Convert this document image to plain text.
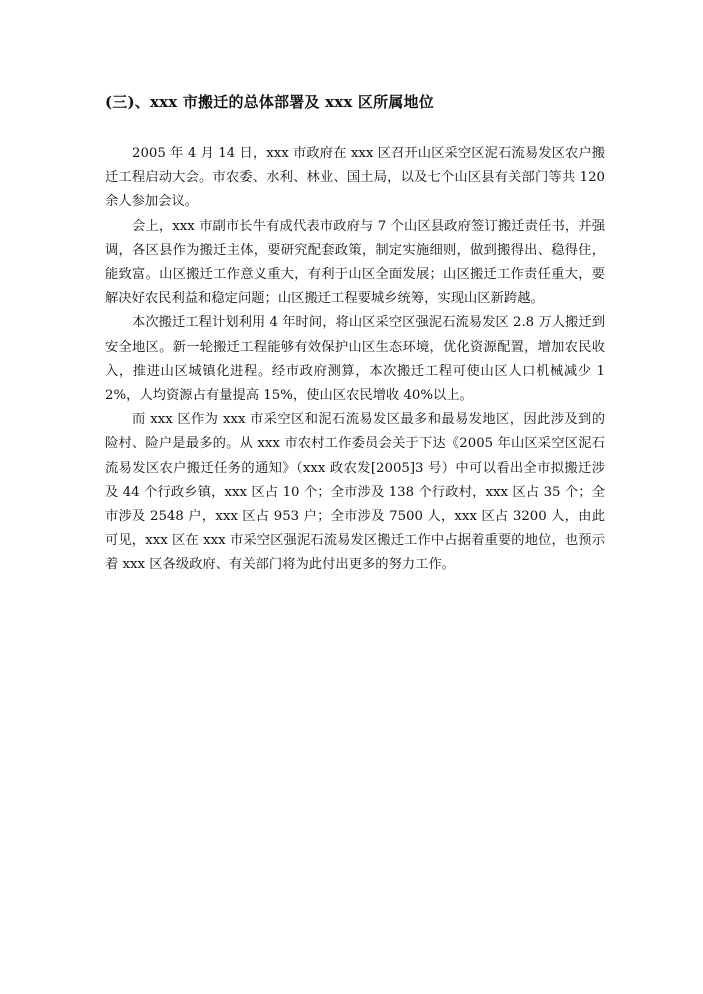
(三)、xxx 市搬迁的总体部署及 xxx 区所属地位

2005 年 4 月 14 日，xxx 市政府在 xxx 区召开山区采空区泥石流易发区农户搬迁工程启动大会。市农委、水利、林业、国土局，以及七个山区县有关部门等共 120 余人参加会议。

会上，xxx 市副市长牛有成代表市政府与 7 个山区县政府签订搬迁责任书，并强调，各区县作为搬迁主体，要研究配套政策，制定实施细则，做到搬得出、稳得住，能致富。山区搬迁工作意义重大，有利于山区全面发展；山区搬迁工作责任重大，要解决好农民利益和稳定问题；山区搬迁工程要城乡统筹，实现山区新跨越。

本次搬迁工程计划利用 4 年时间，将山区采空区强泥石流易发区 2.8 万人搬迁到安全地区。新一轮搬迁工程能够有效保护山区生态环境，优化资源配置，增加农民收入，推进山区城镇化进程。经市政府测算，本次搬迁工程可使山区人口机械减少 12%，人均资源占有量提高 15%，使山区农民增收 40%以上。

而 xxx 区作为 xxx 市采空区和泥石流易发区最多和最易发地区，因此涉及到的险村、险户是最多的。从 xxx 市农村工作委员会关于下达《2005 年山区采空区泥石流易发区农户搬迁任务的通知》（xxx 政农发[2005]3 号）中可以看出全市拟搬迁涉及 44 个行政乡镇，xxx 区占 10 个；全市涉及 138 个行政村，xxx 区占 35 个；全市涉及 2548 户，xxx 区占 953 户；全市涉及 7500 人，xxx 区占 3200 人，由此可见，xxx 区在 xxx 市采空区强泥石流易发区搬迁工作中占据着重要的地位，也预示着 xxx 区各级政府、有关部门将为此付出更多的努力工作。
